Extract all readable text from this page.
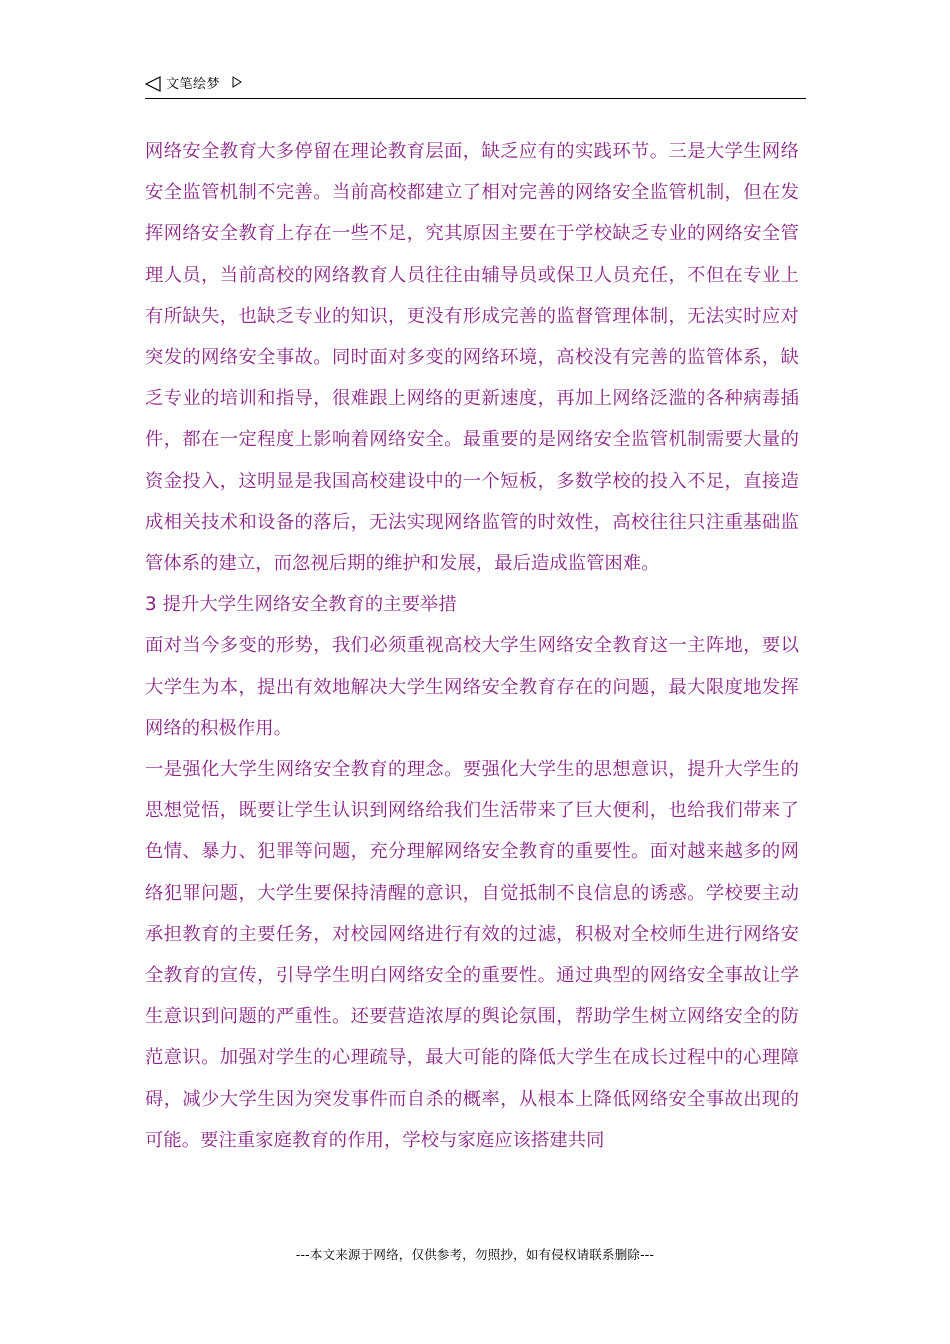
文笔绘梦

网络安全教育大多停留在理论教育层面，缺乏应有的实践环节。三是大学生网络安全监管机制不完善。当前高校都建立了相对完善的网络安全监管机制，但在发挥网络安全教育上存在一些不足，究其原因主要在于学校缺乏专业的网络安全管理人员，当前高校的网络教育人员往往由辅导员或保卫人员充任，不但在专业上有所缺失，也缺乏专业的知识，更没有形成完善的监督管理体制，无法实时应对突发的网络安全事故。同时面对多变的网络环境，高校没有完善的监管体系，缺乏专业的培训和指导，很难跟上网络的更新速度，再加上网络泛滥的各种病毒插件，都在一定程度上影响着网络安全。最重要的是网络安全监管机制需要大量的资金投入，这明显是我国高校建设中的一个短板，多数学校的投入不足，直接造成相关技术和设备的落后，无法实现网络监管的时效性，高校往往只注重基础监管体系的建立，而忽视后期的维护和发展，最后造成监管困难。

3 提升大学生网络安全教育的主要举措

面对当今多变的形势，我们必须重视高校大学生网络安全教育这一主阵地，要以大学生为本，提出有效地解决大学生网络安全教育存在的问题，最大限度地发挥网络的积极作用。

一是强化大学生网络安全教育的理念。要强化大学生的思想意识，提升大学生的思想觉悟，既要让学生认识到网络给我们生活带来了巨大便利，也给我们带来了色情、暴力、犯罪等问题，充分理解网络安全教育的重要性。面对越来越多的网络犯罪问题，大学生要保持清醒的意识，自觉抵制不良信息的诱惑。学校要主动承担教育的主要任务，对校园网络进行有效的过滤，积极对全校师生进行网络安全教育的宣传，引导学生明白网络安全的重要性。通过典型的网络安全事故让学生意识到问题的严重性。还要营造浓厚的舆论氛围，帮助学生树立网络安全的防范意识。加强对学生的心理疏导，最大可能的降低大学生在成长过程中的心理障碍，减少大学生因为突发事件而自杀的概率，从根本上降低网络安全事故出现的可能。要注重家庭教育的作用，学校与家庭应该搭建共同

---本文来源于网络，仅供参考，勿照抄，如有侵权请联系删除---
